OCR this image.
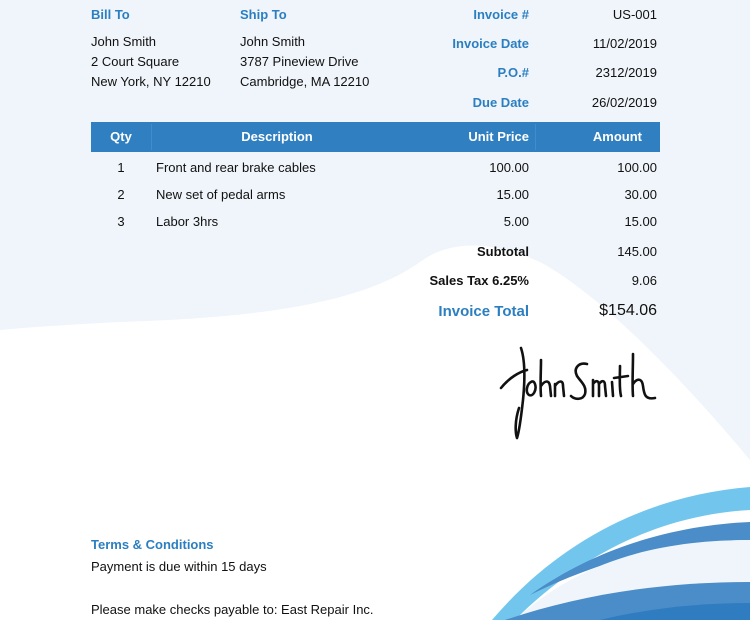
Bill To
John Smith
2 Court Square
New York, NY 12210
Ship To
John Smith
3787 Pineview Drive
Cambridge, MA 12210
Invoice #	US-001
Invoice Date	11/02/2019
P.O.#	2312/2019
Due Date	26/02/2019
Qty	Description	Unit Price	Amount
1	Front and rear brake cables	100.00	100.00
2	New set of pedal arms	15.00	30.00
3	Labor 3hrs	5.00	15.00
Subtotal	145.00
Sales Tax 6.25%	9.06
Invoice Total	$154.06
Terms & Conditions
Payment is due within 15 days
Please make checks payable to: East Repair Inc.
